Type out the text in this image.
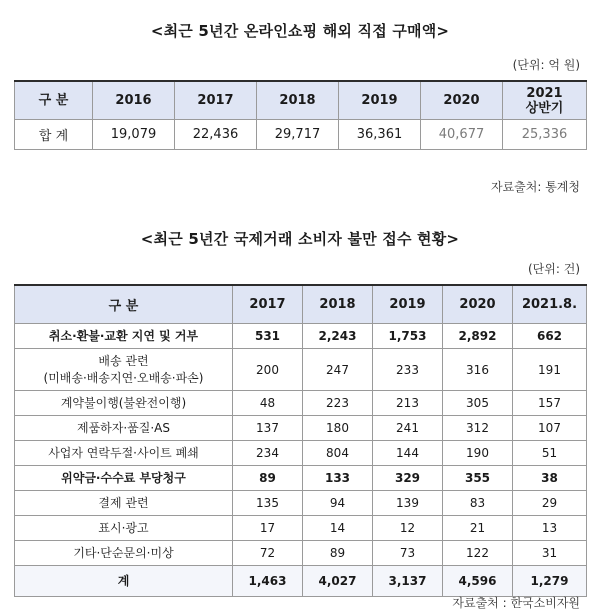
<최근 5년간 온라인쇼핑 해외 직접 구매액>
(단위: 억 원)
구 분	2016	2017	2018	2019	2020	2021
상반기

합 계	19,079	22,436	29,717	36,361	40,677	25,336
자료출처: 통계청
<최근 5년간 국제거래 소비자 불만 접수 현황>
(단위: 건)
구 분	2017	2018	2019	2020	2021.8.
취소·환불·교환 지연 및 거부	531	2,243	1,753	2,892	662
배송 관련
(미배송·배송지연·오배송·파손)	200	247	233	316	191
계약불이행(불완전이행)	48	223	213	305	157
제품하자·품질·AS	137	180	241	312	107
사업자 연락두절·사이트 폐쇄	234	804	144	190	51
위약금·수수료 부당청구	89	133	329	355	38
결제 관련	135	94	139	83	29
표시·광고	17	14	12	21	13
기타·단순문의·미상	72	89	73	122	31
계	1,463	4,027	3,137	4,596	1,279
자료출처 : 한국소비자원
